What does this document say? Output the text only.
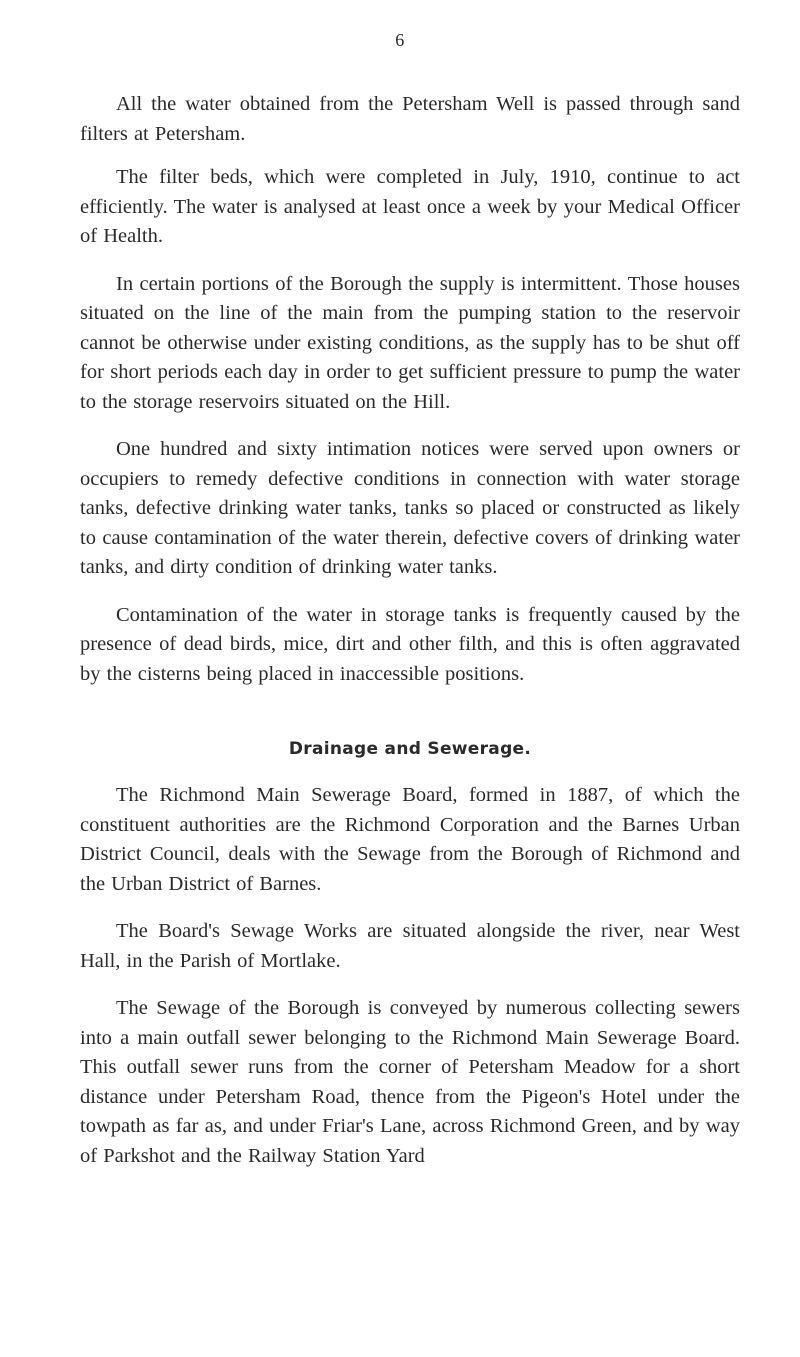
6

All the water obtained from the Petersham Well is passed through sand filters at Petersham.

The filter beds, which were completed in July, 1910, continue to act efficiently. The water is analysed at least once a week by your Medical Officer of Health.

In certain portions of the Borough the supply is intermittent. Those houses situated on the line of the main from the pumping station to the reservoir cannot be otherwise under existing conditions, as the supply has to be shut off for short periods each day in order to get sufficient pressure to pump the water to the storage reservoirs situated on the Hill.

One hundred and sixty intimation notices were served upon owners or occupiers to remedy defective conditions in connection with water storage tanks, defective drinking water tanks, tanks so placed or constructed as likely to cause contamination of the water therein, defective covers of drinking water tanks, and dirty condition of drinking water tanks.

Contamination of the water in storage tanks is frequently caused by the presence of dead birds, mice, dirt and other filth, and this is often aggravated by the cisterns being placed in inaccessible positions.

Drainage and Sewerage.

The Richmond Main Sewerage Board, formed in 1887, of which the constituent authorities are the Richmond Corporation and the Barnes Urban District Council, deals with the Sewage from the Borough of Richmond and the Urban District of Barnes.

The Board's Sewage Works are situated alongside the river, near West Hall, in the Parish of Mortlake.

The Sewage of the Borough is conveyed by numerous collecting sewers into a main outfall sewer belonging to the Richmond Main Sewerage Board. This outfall sewer runs from the corner of Petersham Meadow for a short distance under Petersham Road, thence from the Pigeon's Hotel under the towpath as far as, and under Friar's Lane, across Richmond Green, and by way of Parkshot and the Railway Station Yard
